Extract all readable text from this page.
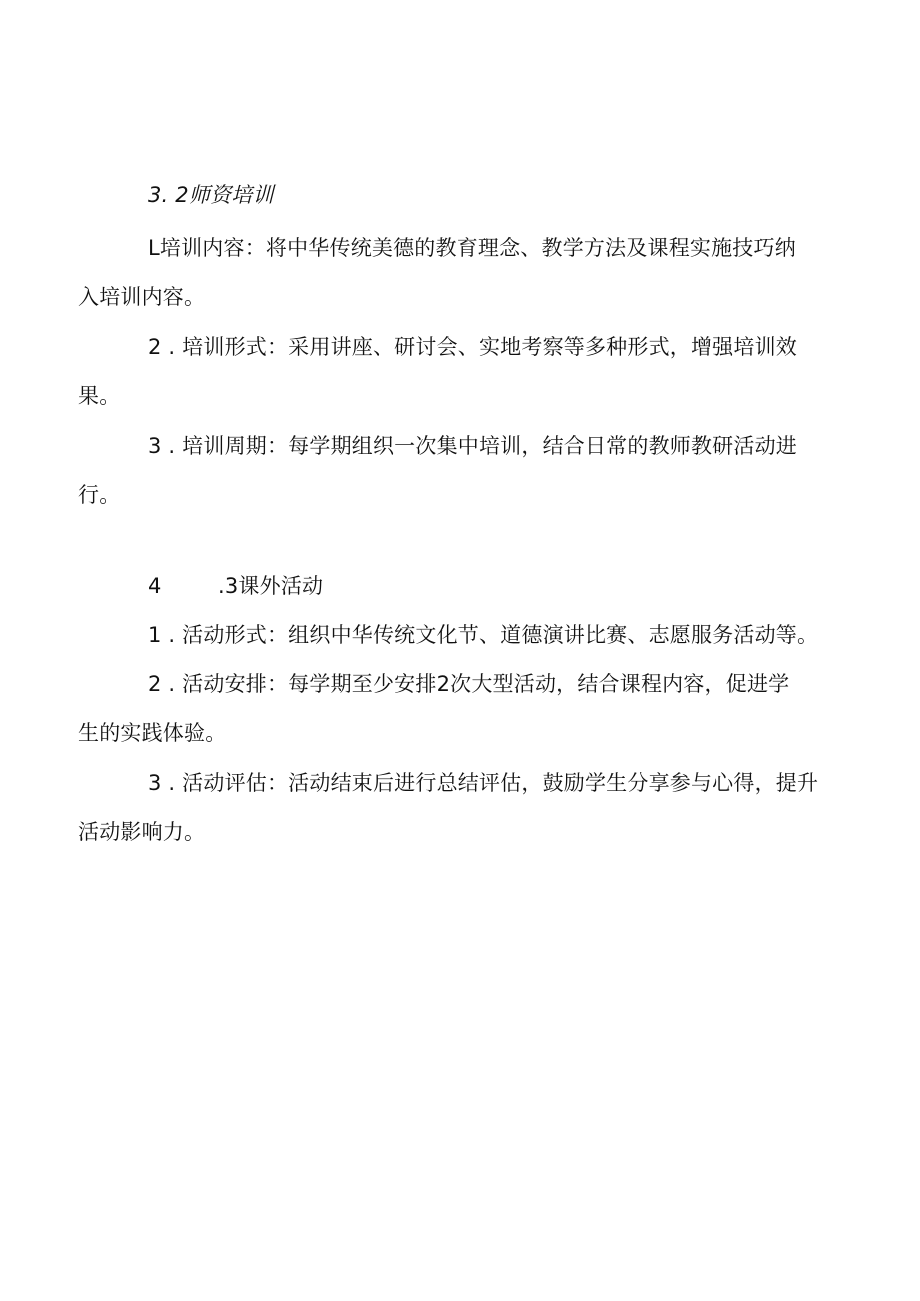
3. 2师资培训
L培训内容：将中华传统美德的教育理念、教学方法及课程实施技巧纳
入培训内容。
2 . 培训形式：采用讲座、研讨会、实地考察等多种形式，增强培训效
果。
3 . 培训周期：每学期组织一次集中培训，结合日常的教师教研活动进
行。
4	.3课外活动
1 . 活动形式：组织中华传统文化节、道德演讲比赛、志愿服务活动等。
2 . 活动安排：每学期至少安排2次大型活动，结合课程内容，促进学
生的实践体验。
3 . 活动评估：活动结束后进行总结评估，鼓励学生分享参与心得，提升
活动影响力。
